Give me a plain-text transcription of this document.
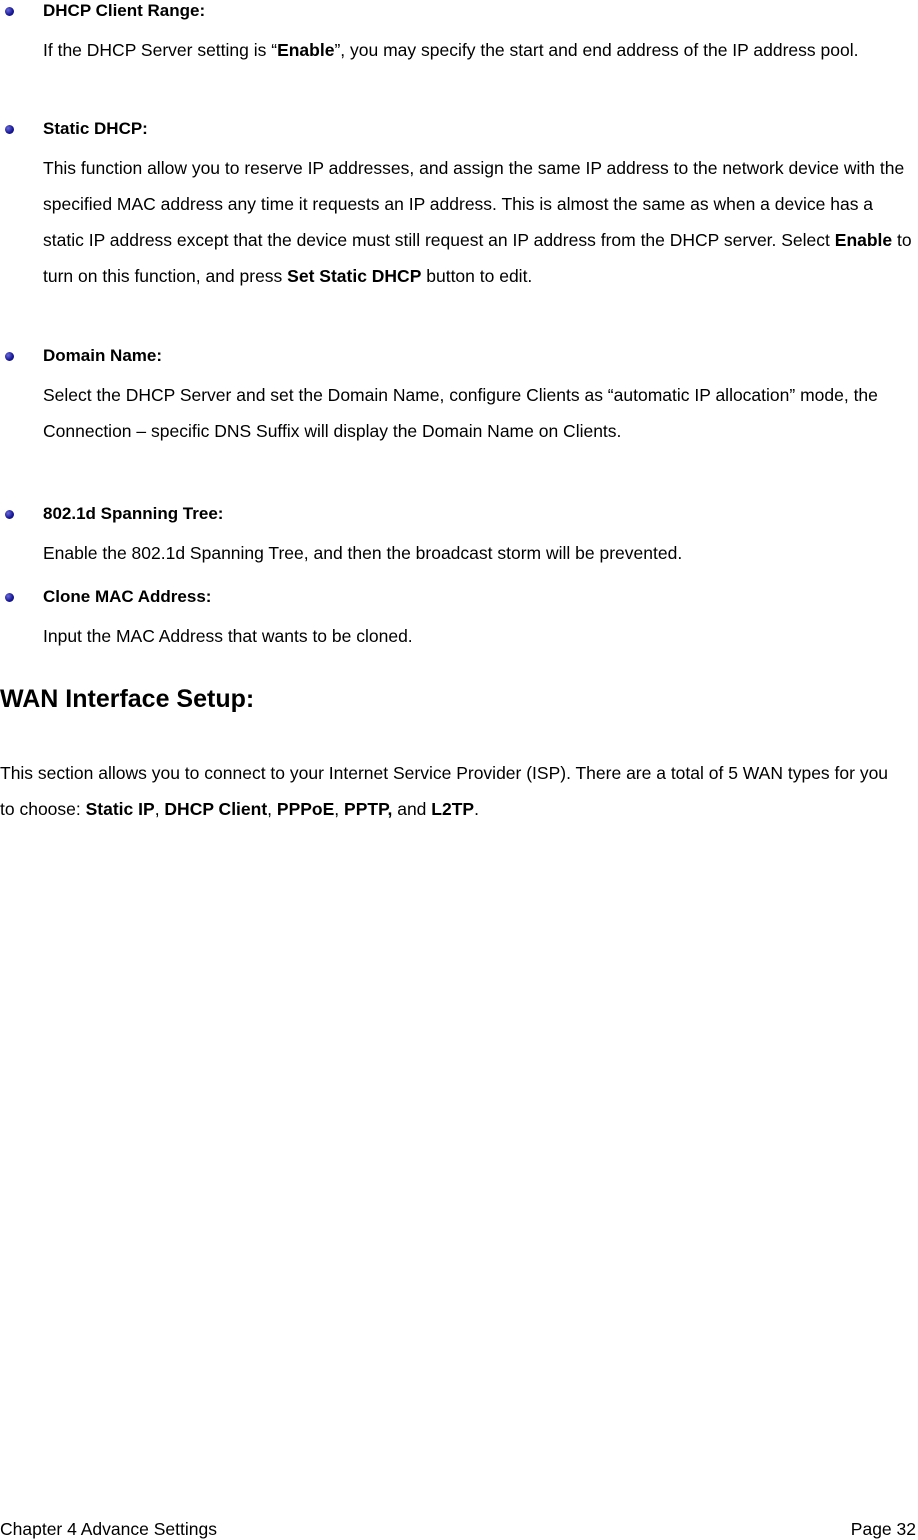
DHCP Client Range:
If the DHCP Server setting is “Enable”, you may specify the start and end address of the IP address pool.
Static DHCP:
This function allow you to reserve IP addresses, and assign the same IP address to the network device with the specified MAC address any time it requests an IP address. This is almost the same as when a device has a static IP address except that the device must still request an IP address from the DHCP server. Select Enable to turn on this function, and press Set Static DHCP button to edit.
Domain Name:
Select the DHCP Server and set the Domain Name, configure Clients as “automatic IP allocation” mode, the Connection – specific DNS Suffix will display the Domain Name on Clients.
802.1d Spanning Tree:
Enable the 802.1d Spanning Tree, and then the broadcast storm will be prevented.
Clone MAC Address:
Input the MAC Address that wants to be cloned.
WAN Interface Setup:
This section allows you to connect to your Internet Service Provider (ISP). There are a total of 5 WAN types for you to choose: Static IP, DHCP Client, PPPoE, PPTP, and L2TP.
Chapter 4 Advance Settings	Page 32
